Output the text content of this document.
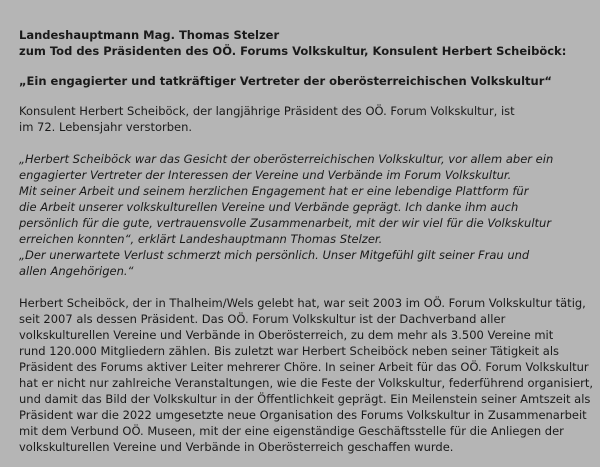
Landeshauptmann Mag. Thomas Stelzer
zum Tod des Präsidenten des OÖ. Forums Volkskultur, Konsulent Herbert Scheiböck:
„Ein engagierter und tatkräftiger Vertreter der oberösterreichischen Volkskultur“
Konsulent Herbert Scheiböck, der langjährige Präsident des OÖ. Forum Volkskultur, ist
im 72. Lebensjahr verstorben.
„Herbert Scheiböck war das Gesicht der oberösterreichischen Volkskultur, vor allem aber ein
engagierter Vertreter der Interessen der Vereine und Verbände im Forum Volkskultur.
Mit seiner Arbeit und seinem herzlichen Engagement hat er eine lebendige Plattform für
die Arbeit unserer volkskulturellen Vereine und Verbände geprägt. Ich danke ihm auch
persönlich für die gute, vertrauensvolle Zusammenarbeit, mit der wir viel für die Volkskultur
erreichen konnten“, erklärt Landeshauptmann Thomas Stelzer.
„Der unerwartete Verlust schmerzt mich persönlich. Unser Mitgefühl gilt seiner Frau und
allen Angehörigen.“
Herbert Scheiböck, der in Thalheim/Wels gelebt hat, war seit 2003 im OÖ. Forum Volkskultur tätig,
seit 2007 als dessen Präsident. Das OÖ. Forum Volkskultur ist der Dachverband aller
volkskulturellen Vereine und Verbände in Oberösterreich, zu dem mehr als 3.500 Vereine mit
rund 120.000 Mitgliedern zählen. Bis zuletzt war Herbert Scheiböck neben seiner Tätigkeit als
Präsident des Forums aktiver Leiter mehrerer Chöre. In seiner Arbeit für das OÖ. Forum Volkskultur
hat er nicht nur zahlreiche Veranstaltungen, wie die Feste der Volkskultur, federführend organisiert,
und damit das Bild der Volkskultur in der Öffentlichkeit geprägt. Ein Meilenstein seiner Amtszeit als
Präsident war die 2022 umgesetzte neue Organisation des Forums Volkskultur in Zusammenarbeit
mit dem Verbund OÖ. Museen, mit der eine eigenständige Geschäftsstelle für die Anliegen der
volkskulturellen Vereine und Verbände in Oberösterreich geschaffen wurde.
